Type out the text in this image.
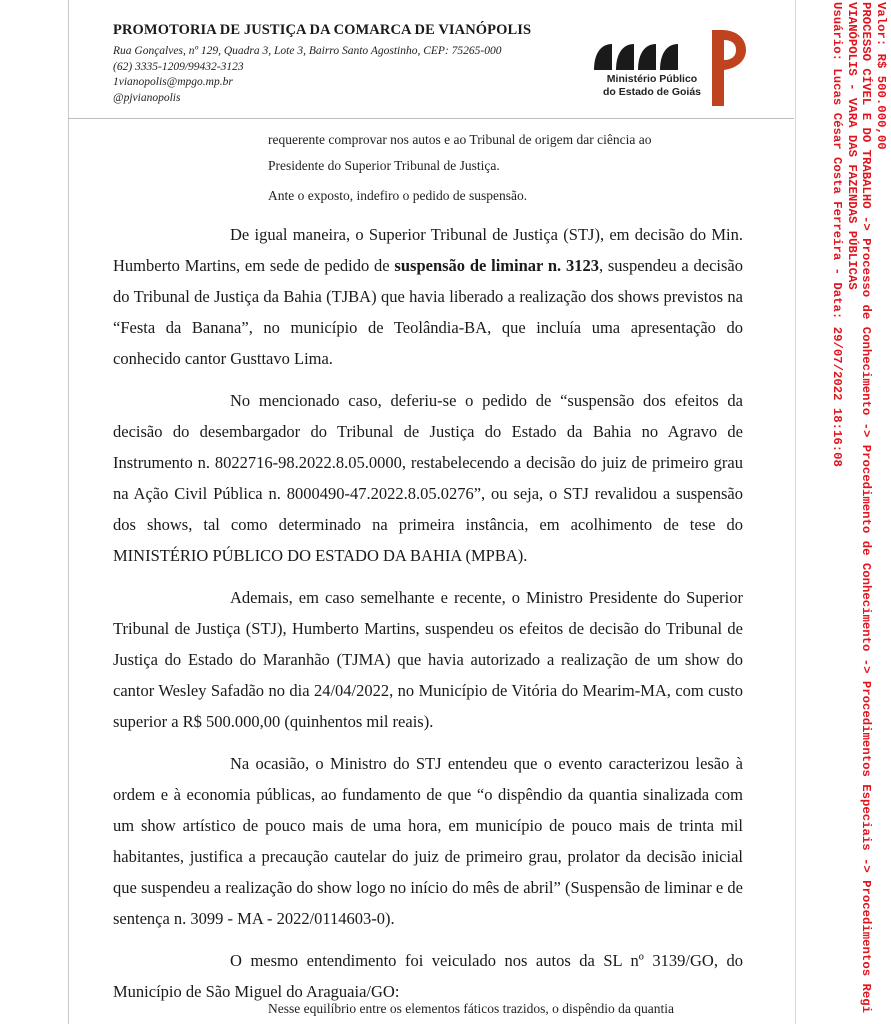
PROMOTORIA DE JUSTIÇA DA COMARCA DE VIANÓPOLIS
Rua Gonçalves, nº 129, Quadra 3, Lote 3, Bairro Santo Agostinho, CEP: 75265-000
(62) 3335-1209/99432-3123
1vianopolis@mpgo.mp.br
@pjvianopolis
Ministério Público
do Estado de Goiás
requerente comprovar nos autos e ao Tribunal de origem dar ciência ao
Presidente do Superior Tribunal de Justiça.
Ante o exposto, indefiro o pedido de suspensão.

De igual maneira, o Superior Tribunal de Justiça (STJ), em decisão do Min. Humberto Martins, em sede de pedido de suspensão de liminar n. 3123, suspendeu a decisão do Tribunal de Justiça da Bahia (TJBA) que havia liberado a realização dos shows previstos na “Festa da Banana”, no município de Teolândia-BA, que incluía uma apresentação do conhecido cantor Gusttavo Lima.

No mencionado caso, deferiu-se o pedido de “suspensão dos efeitos da decisão do desembargador do Tribunal de Justiça do Estado da Bahia no Agravo de Instrumento n. 8022716-98.2022.8.05.0000, restabelecendo a decisão do juiz de primeiro grau na Ação Civil Pública n. 8000490-47.2022.8.05.0276”, ou seja, o STJ revalidou a suspensão dos shows, tal como determinado na primeira instância, em acolhimento de tese do MINISTÉRIO PÚBLICO DO ESTADO DA BAHIA (MPBA).

Ademais, em caso semelhante e recente, o Ministro Presidente do Superior Tribunal de Justiça (STJ), Humberto Martins, suspendeu os efeitos de decisão do Tribunal de Justiça do Estado do Maranhão (TJMA) que havia autorizado a realização de um show do cantor Wesley Safadão no dia 24/04/2022, no Município de Vitória do Mearim-MA, com custo superior a R$ 500.000,00 (quinhentos mil reais).

Na ocasião, o Ministro do STJ entendeu que o evento caracterizou lesão à ordem e à economia públicas, ao fundamento de que “o dispêndio da quantia sinalizada com um show artístico de pouco mais de uma hora, em município de pouco mais de trinta mil habitantes, justifica a precaução cautelar do juiz de primeiro grau, prolator da decisão inicial que suspendeu a realização do show logo no início do mês de abril” (Suspensão de liminar e de sentença n. 3099 - MA - 2022/0114603-0).

O mesmo entendimento foi veiculado nos autos da SL nº 3139/GO, do Município de São Miguel do Araguaia/GO:

Nesse equilíbrio entre os elementos fáticos trazidos, o dispêndio da quantia
Valor: R$ 500.000,00
PROCESSO CÍVEL E DO TRABALHO -> Processo de Conhecimento -> Procedimento de Conhecimento -> Procedimentos Especiais -> Procedimentos Regi
VIANÓPOLIS - VARA DAS FAZENDAS PÚBLICAS
Usuário: Lucas César Costa Ferreira - Data: 29/07/2022 18:16:08
